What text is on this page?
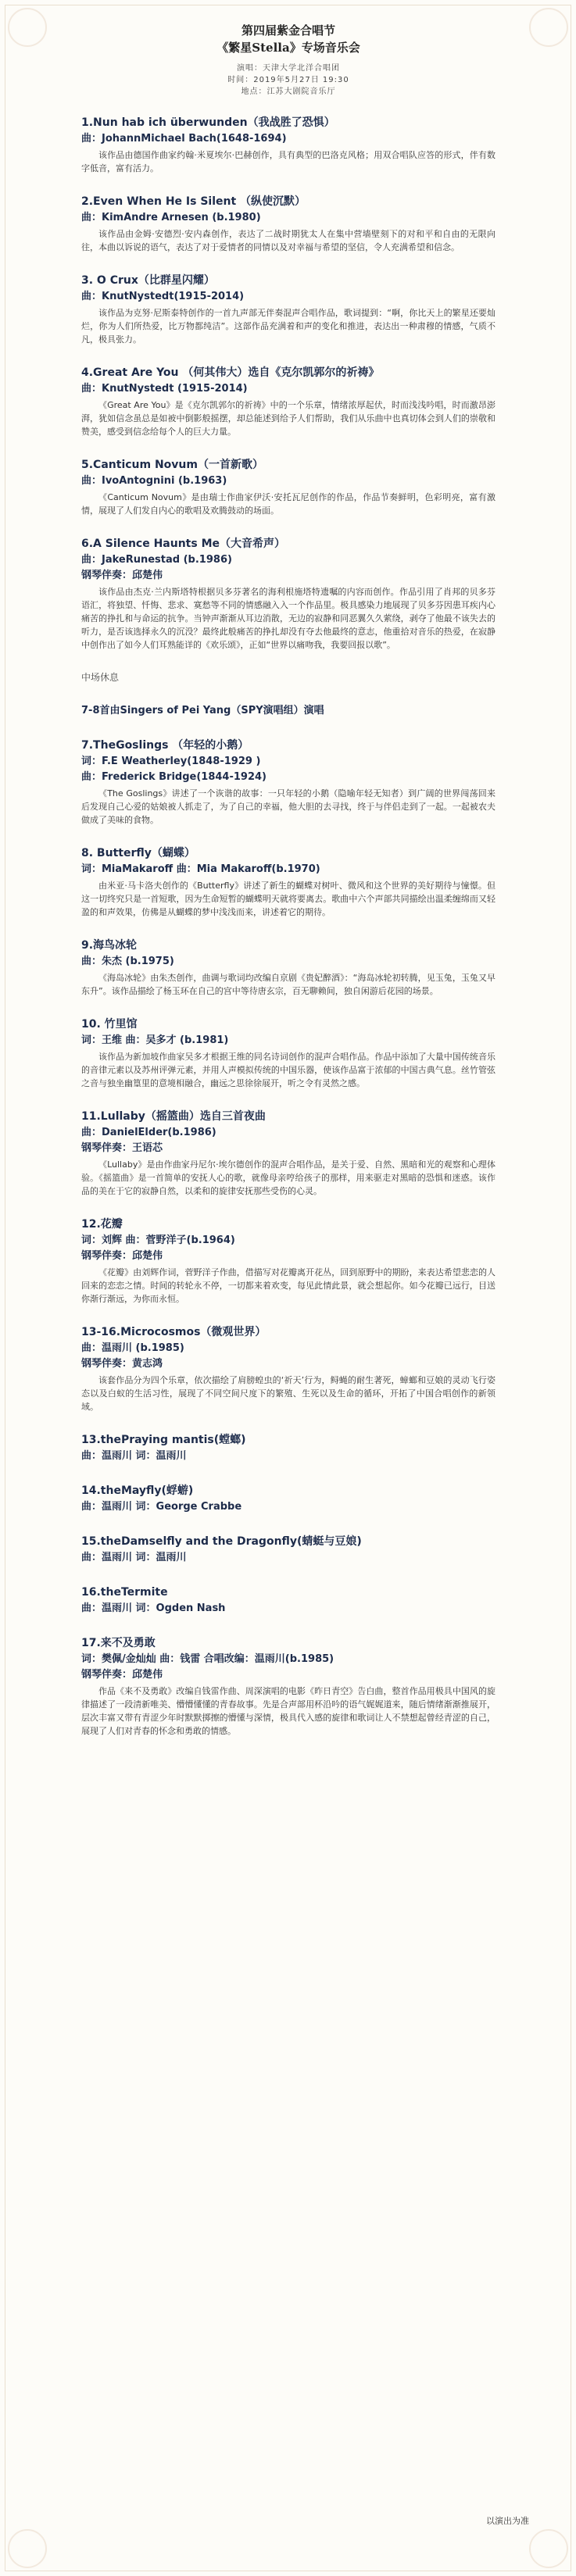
第四届紫金合唱节
《繁星Stella》专场音乐会
演唱：天津大学北洋合唱团
时间：2019年5月27日 19:30
地点：江苏大剧院音乐厅
1.Nun hab ich überwunden（我战胜了恐惧）
曲：JohannMichael Bach(1648-1694)
该作品由德国作曲家约翰·米夏埃尔·巴赫创作，具有典型的巴洛克风格；用双合唱队应答的形式，伴有数字低音，富有活力。
2.Even When He Is Silent （纵使沉默）
曲：KimAndre Arnesen (b.1980)
该作品由金姆·安德烈·安内森创作，表达了二战时期犹太人在集中营墙壁刻下的对和平和自由的无限向往，本曲以诉说的语气，表达了对于爱情者的同情以及对幸福与希望的坚信，令人充满希望和信念。
3. O Crux（比群星闪耀）
曲：KnutNystedt(1915-2014)
该作品为克努·尼斯泰特创作的一首九声部无伴奏混声合唱作品，歌词提到：“啊，你比天上的繁星还要灿烂，你为人们所热爱，比万物都纯洁”。这部作品充满着和声的变化和推进，表达出一种肃穆的情感，气质不凡，极具张力。
4.Great Are You （何其伟大）选自《克尔凯郭尔的祈祷》
曲：KnutNystedt (1915-2014)
《Great Are You》是《克尔凯郭尔的祈祷》中的一个乐章，情绪浓厚起伏，时而浅浅吟唱，时而激昂澎湃，犹如信念虽总是如被中倒影般摇摆，却总能述到给予人们帮助，我们从乐曲中也真切体会到人们的崇敬和赞美，感受到信念给每个人的巨大力量。
5.Canticum Novum（一首新歌）
曲：IvoAntognini (b.1963)
《Canticum Novum》是由瑞士作曲家伊沃·安托瓦尼创作的作品，作品节奏鲜明，色彩明亮，富有激情，展现了人们发自内心的歌唱及欢腾鼓动的场面。
6.A Silence Haunts Me（大音希声）
曲：JakeRunestad (b.1986)
钢琴伴奏：邱楚伟
该作品由杰克·兰内斯塔特根据贝多芬著名的海利根施塔特遗嘱的内容而创作。作品引用了肖邦的贝多芬语汇，将独望、忏悔、悲求、寞愁等不同的情感融入入一个作品里。极具感染力地展现了贝多芬因患耳疾内心痛苦的挣扎和与命运的抗争。当钟声渐渐从耳边消散，无边的寂静和同恶翼久久萦绕，剥夺了他最不该失去的听力，是否该选择永久的沉没？最终此般痛苦的挣扎却没有夺去他最终的意志，他重拾对音乐的热爱，在寂静中创作出了如今人们耳熟能详的《欢乐颂》，正如“世界以痛吻我，我要回报以歌”。
中场休息
7-8首由Singers of Pei Yang（SPY演唱组）演唱
7.TheGoslings （年轻的小鹅）
词：F.E Weatherley(1848-1929 )
曲：Frederick Bridge(1844-1924)
《The Goslings》讲述了一个诙谐的故事：一只年轻的小鹅（隐喻年轻无知者）到广阔的世界闯荡回来后发现自己心爱的姑娘被人抓走了，为了自己的幸福，他大胆的去寻找，终于与伴侣走到了一起。一起被农夫做成了美味的食物。
8. Butterfly（蝴蝶）
词：MiaMakaroff 曲：Mia Makaroff(b.1970)
由米亚·马卡洛夫创作的《Butterfly》讲述了新生的蝴蝶对树叶、微风和这个世界的美好期待与憧憬。但这一切终究只是一首短歌，因为生命短暂的蝴蝶明天就将要离去。歌曲中六个声部共同描绘出温柔缠绵而又轻盈的和声效果，仿佛是从蝴蝶的梦中浅浅而来，讲述着它的期待。
9.海鸟冰轮
曲：朱杰 (b.1975)
《海岛冰轮》由朱杰创作，曲调与歌词均改编自京剧《贵妃醉酒》：“海岛冰轮初转腾，见玉兔，玉兔又早东升”。该作品描绘了杨玉环在自己的宫中等待唐玄宗，百无聊赖间，独自闲游后花园的场景。
10. 竹里馆
词：王维 曲：吴多才 (b.1981)
该作品为新加坡作曲家吴多才根据王维的同名诗词创作的混声合唱作品。作品中添加了大量中国传统音乐的音律元素以及苏州评弹元素，并用人声模拟传统的中国乐器，使该作品富于浓郁的中国古典气息。丝竹管弦之音与独坐幽篁里的意境相融合，幽远之思徐徐展开，听之令有灵然之感。
11.Lullaby（摇篮曲）选自三首夜曲
曲：DanielElder(b.1986)
钢琴伴奏：王语芯
《Lullaby》是由作曲家丹尼尔·埃尔德创作的混声合唱作品，是关于爱、自然、黑暗和光的观察和心理体验。《摇篮曲》是一首简单的安抚人心的歌，就像母亲哼给孩子的那样，用来驱走对黑暗的恐惧和迷惑。该作品的美在于它的寂静自然，以柔和的旋律安抚那些受伤的心灵。
12.花瓣
词：刘辉 曲：菅野洋子(b.1964)
钢琴伴奏：邱楚伟
《花瓣》由刘辉作词，菅野洋子作曲，借描写对花瓣离开花丛，回到原野中的期盼，来表达希望悲恋的人回来的恋恋之情。时间的转轮永不停，一切都来着欢变，每见此情此景，就会想起你。如今花瓣已远行，目送你渐行渐远，为你而永恒。
13-16.Microcosmos（微观世界）
曲：温雨川 (b.1985)
钢琴伴奏：黄志鸿
该套作品分为四个乐章，依次描绘了肩膀蝗虫的‘祈天’行为，鲟蝇的耐生著死，蟑螂和豆娘的灵动飞行姿态以及白蚁的生活习性，展现了不同空间尺度下的繁殖、生死以及生命的循环，开拓了中国合唱创作的新领域。
13.thePraying mantis(螳螂)
曲：温雨川 词：温雨川
14.theMayfly(蜉蝣)
曲：温雨川 词：George Crabbe
15.theDamselfly and the Dragonfly(蜻蜓与豆娘)
曲：温雨川 词：温雨川
16.theTermite
曲：温雨川 词：Ogden Nash
17.来不及勇敢
词：樊佩/金灿灿 曲：钱雷 合唱改编：温雨川(b.1985)
钢琴伴奏：邱楚伟
作品《来不及勇敢》改编自钱雷作曲、周深演唱的电影《昨日青空》告白曲，整首作品用极具中国风的旋律描述了一段清新唯美、懵懵懂懂的青春故事。先是合声部用杯沿吟的语气娓娓道来，随后情绪渐渐推展开，层次丰富又带有青涩少年时默默掷擦的懵懂与深情，极具代入感的旋律和歌词让人不禁想起曾经青涩的自己，展现了人们对青春的怀念和勇敢的情感。
以演出为准
